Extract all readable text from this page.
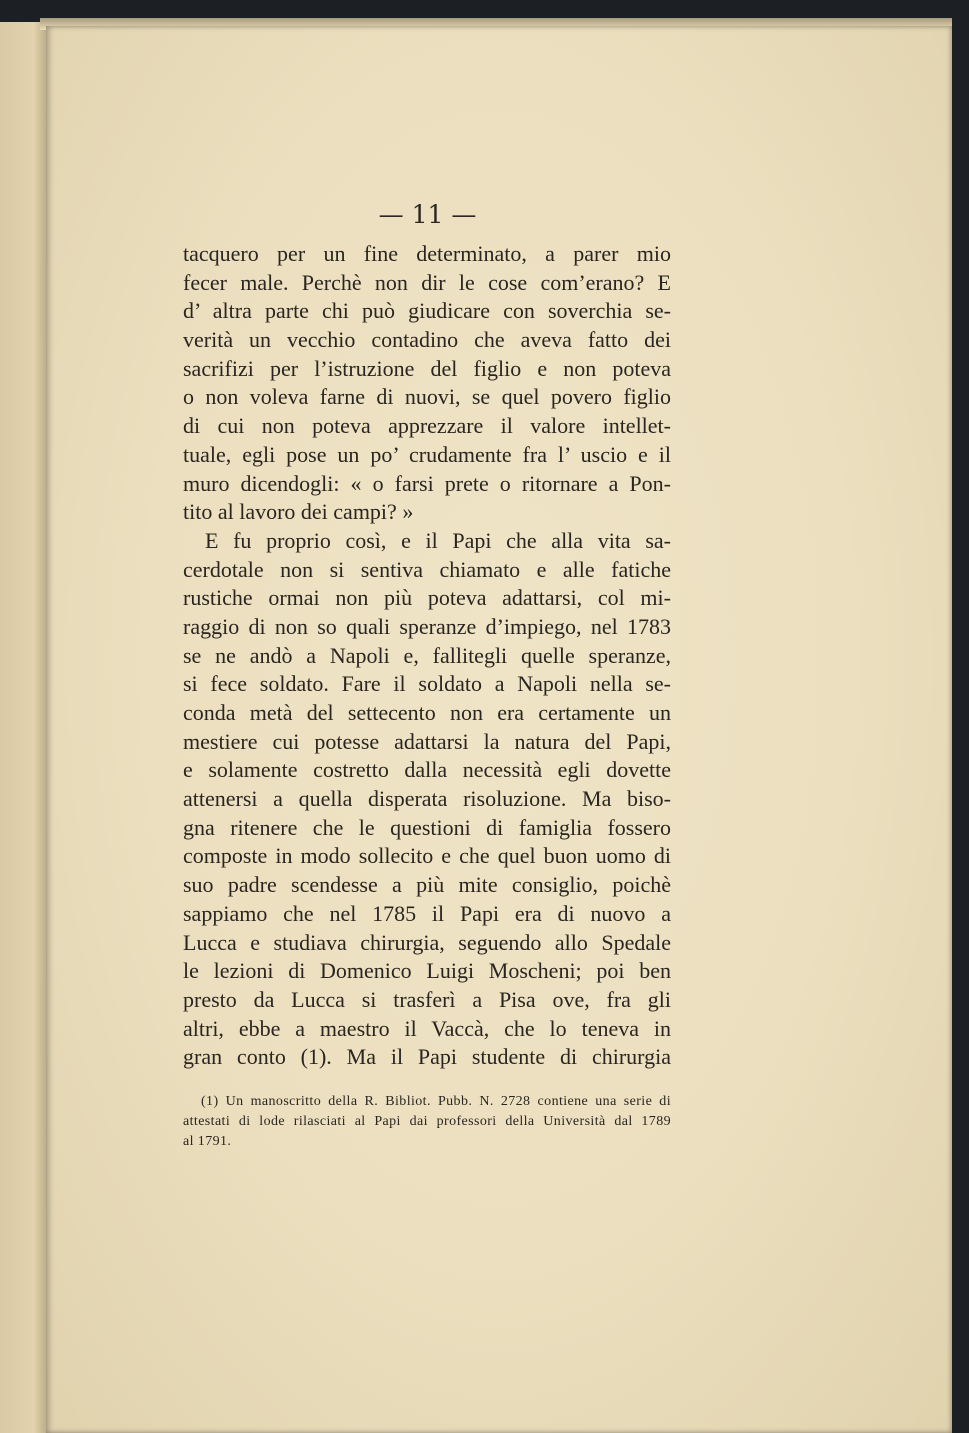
— 11 —
tacquero per un fine determinato, a parer mio
fecer male. Perchè non dir le cose com’erano? E
d’ altra parte chi può giudicare con soverchia se-
verità un vecchio contadino che aveva fatto dei
sacrifizi per l’istruzione del figlio e non poteva
o non voleva farne di nuovi, se quel povero figlio
di cui non poteva apprezzare il valore intellet-
tuale, egli pose un po’ crudamente fra l’ uscio e il
muro dicendogli: « o farsi prete o ritornare a Pon-
tito al lavoro dei campi? »
E fu proprio così, e il Papi che alla vita sa-
cerdotale non si sentiva chiamato e alle fatiche
rustiche ormai non più poteva adattarsi, col mi-
raggio di non so quali speranze d’impiego, nel 1783
se ne andò a Napoli e, fallitegli quelle speranze,
si fece soldato. Fare il soldato a Napoli nella se-
conda metà del settecento non era certamente un
mestiere cui potesse adattarsi la natura del Papi,
e solamente costretto dalla necessità egli dovette
attenersi a quella disperata risoluzione. Ma biso-
gna ritenere che le questioni di famiglia fossero
composte in modo sollecito e che quel buon uomo di
suo padre scendesse a più mite consiglio, poichè
sappiamo che nel 1785 il Papi era di nuovo a
Lucca e studiava chirurgia, seguendo allo Spedale
le lezioni di Domenico Luigi Moscheni; poi ben
presto da Lucca si trasferì a Pisa ove, fra gli
altri, ebbe a maestro il Vaccà, che lo teneva in
gran conto (1). Ma il Papi studente di chirurgia
(1) Un manoscritto della R. Bibliot. Pubb. N. 2728 contiene una serie di
attestati di lode rilasciati al Papi dai professori della Università dal 1789
al 1791.
